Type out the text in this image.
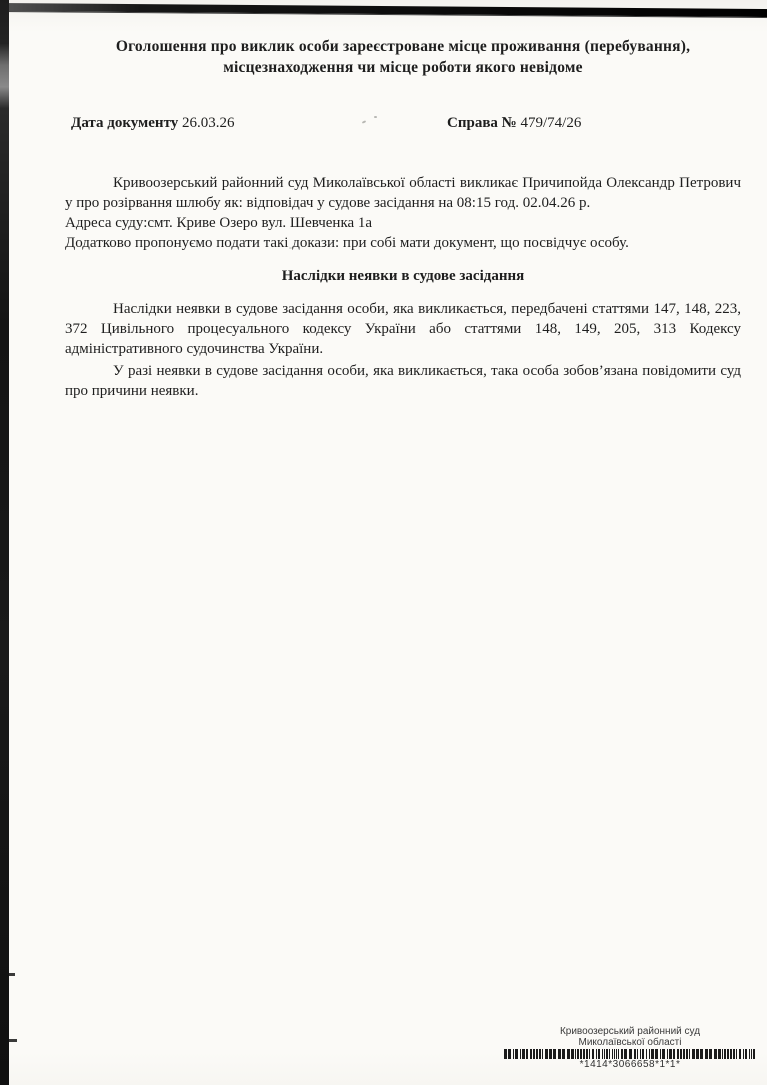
Оголошення про виклик особи зареєстроване місце проживання (перебування),
місцезнаходження чи місце роботи якого невідоме
Дата документу 26.03.26	Справа № 479/74/26

Кривоозерський районний суд Миколаївської області викликає Причипойда Олександр Петрович у про розірвання шлюбу як: відповідач у судове засідання на 08:15 год. 02.04.26 р.

Адреса суду:смт. Криве Озеро вул. Шевченка 1а

Додатково пропонуємо подати такі докази: при собі мати документ, що посвідчує особу.

Наслідки неявки в судове засідання

Наслідки неявки в судове засідання особи, яка викликається, передбачені статтями 147, 148, 223, 372 Цивільного процесуального кодексу України або статтями 148, 149, 205, 313 Кодексу адміністративного судочинства України.

У разі неявки в судове засідання особи, яка викликається, така особа зобов’язана повідомити суд про причини неявки.

Кривоозерський районний суд
Миколаївської області
*1414*3066658*1*1*
